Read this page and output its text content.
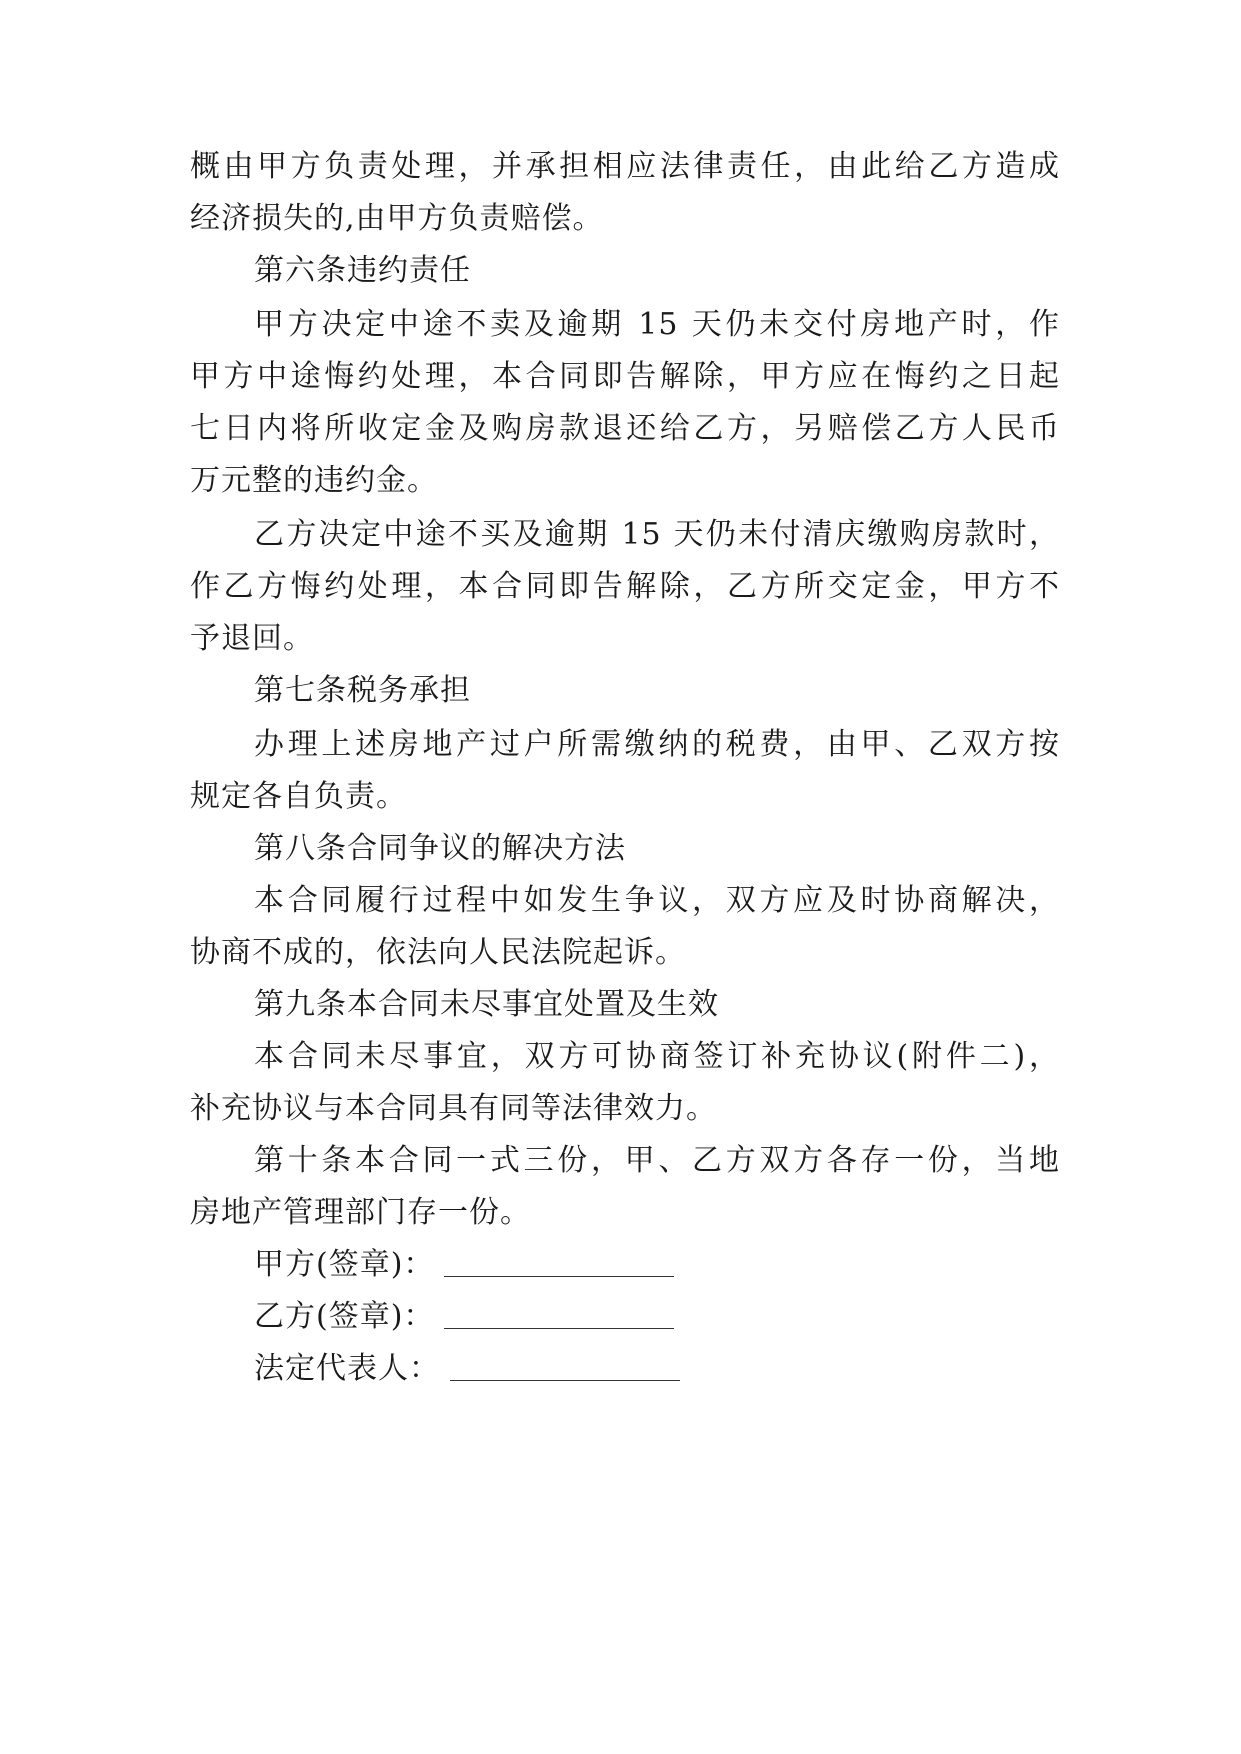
概由甲方负责处理，并承担相应法律责任，由此给乙方造成
经济损失的,由甲方负责赔偿。
第六条违约责任
甲方决定中途不卖及逾期 15 天仍未交付房地产时，作
甲方中途悔约处理，本合同即告解除，甲方应在悔约之日起
七日内将所收定金及购房款退还给乙方，另赔偿乙方人民币
万元整的违约金。
乙方决定中途不买及逾期 15 天仍未付清庆缴购房款时，
作乙方悔约处理，本合同即告解除，乙方所交定金，甲方不
予退回。
第七条税务承担
办理上述房地产过户所需缴纳的税费，由甲、乙双方按
规定各自负责。
第八条合同争议的解决方法
本合同履行过程中如发生争议，双方应及时协商解决，
协商不成的，依法向人民法院起诉。
第九条本合同未尽事宜处置及生效
本合同未尽事宜，双方可协商签订补充协议(附件二)，
补充协议与本合同具有同等法律效力。
第十条本合同一式三份，甲、乙方双方各存一份，当地
房地产管理部门存一份。
甲方(签章)：
乙方(签章)：
法定代表人：
